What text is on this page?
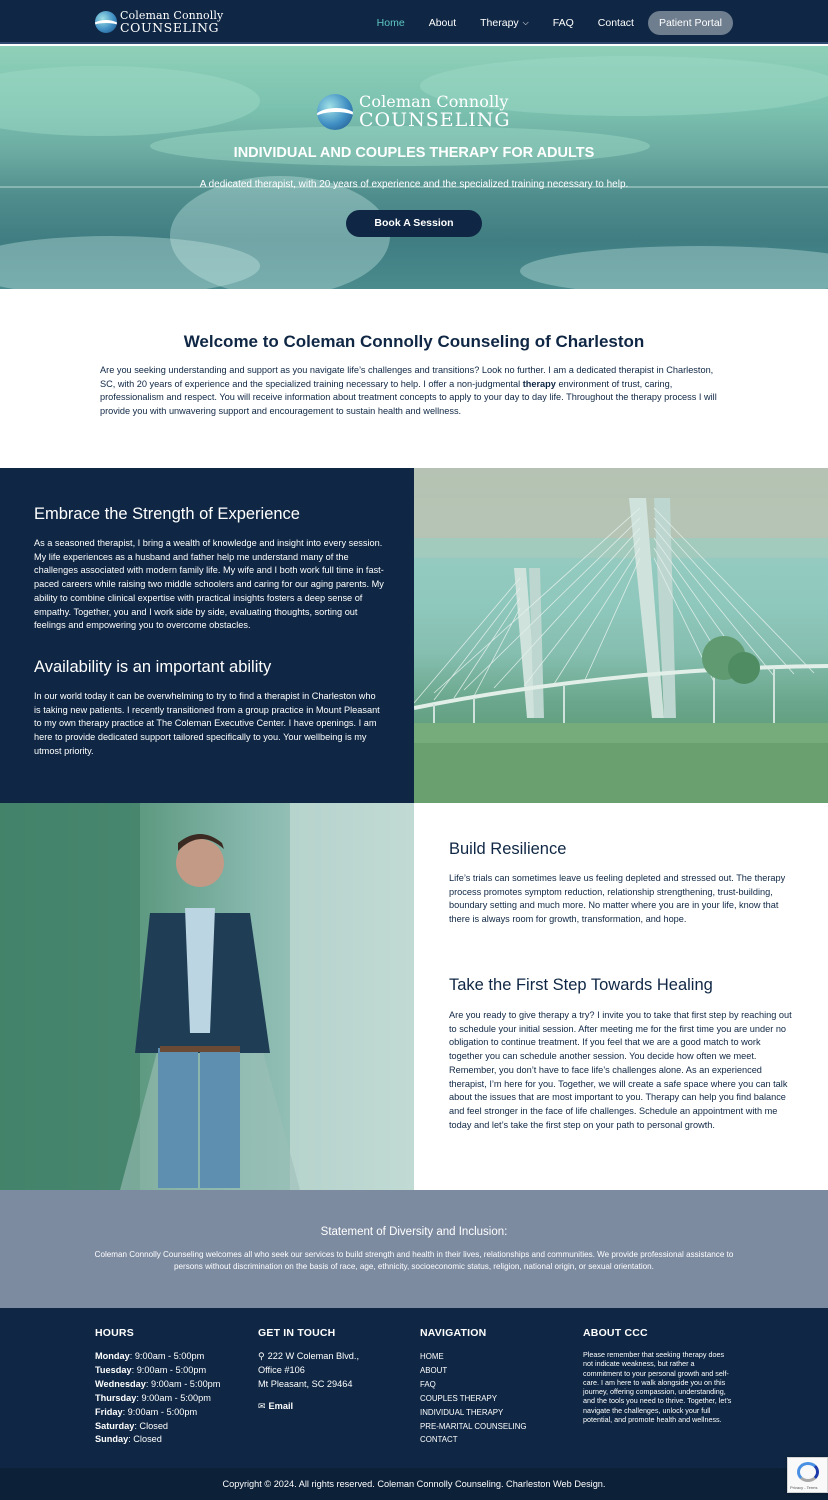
Coleman Connolly
COUNSELING	Home About Therapy ⌵ FAQ Contact	Patient Portal
Coleman Connolly
COUNSELING
INDIVIDUAL AND COUPLES THERAPY FOR ADULTS
A dedicated therapist, with 20 years of experience and the specialized training necessary to help.
Book A Session
Welcome to Coleman Connolly Counseling of Charleston
Are you seeking understanding and support as you navigate life’s challenges and transitions? Look no further. I am a dedicated therapist in Charleston, SC, with 20 years of experience and the specialized training necessary to help. I offer a non-judgmental therapy environment of trust, caring, professionalism and respect. You will receive information about treatment concepts to apply to your day to day life. Throughout the therapy process I will provide you with unwavering support and encouragement to sustain health and wellness.
Embrace the Strength of Experience
As a seasoned therapist, I bring a wealth of knowledge and insight into every session. My life experiences as a husband and father help me understand many of the challenges associated with modern family life. My wife and I both work full time in fast-paced careers while raising two middle schoolers and caring for our aging parents. My ability to combine clinical expertise with practical insights fosters a deep sense of empathy. Together, you and I work side by side, evaluating thoughts, sorting out feelings and empowering you to overcome obstacles.
Availability is an important ability
In our world today it can be overwhelming to try to find a therapist in Charleston who is taking new patients. I recently transitioned from a group practice in Mount Pleasant to my own therapy practice at The Coleman Executive Center. I have openings. I am here to provide dedicated support tailored specifically to you. Your wellbeing is my utmost priority.
Build Resilience
Life’s trials can sometimes leave us feeling depleted and stressed out. The therapy process promotes symptom reduction, relationship strengthening, trust-building, boundary setting and much more. No matter where you are in your life, know that there is always room for growth, transformation, and hope.
Take the First Step Towards Healing
Are you ready to give therapy a try? I invite you to take that first step by reaching out to schedule your initial session. After meeting me for the first time you are under no obligation to continue treatment. If you feel that we are a good match to work together you can schedule another session. You decide how often we meet. Remember, you don’t have to face life’s challenges alone. As an experienced therapist, I’m here for you. Together, we will create a safe space where you can talk about the issues that are most important to you. Therapy can help you find balance and feel stronger in the face of life challenges. Schedule an appointment with me today and let’s take the first step on your path to personal growth.
Statement of Diversity and Inclusion:
Coleman Connolly Counseling welcomes all who seek our services to build strength and health in their lives, relationships and communities. We provide professional assistance to persons without discrimination on the basis of race, age, ethnicity, socioeconomic status, religion, national origin, or sexual orientation.
HOURS
Monday: 9:00am - 5:00pm
Tuesday: 9:00am - 5:00pm
Wednesday: 9:00am - 5:00pm
Thursday: 9:00am - 5:00pm
Friday: 9:00am - 5:00pm
Saturday: Closed
Sunday: Closed
GET IN TOUCH
⚲ 222 W Coleman Blvd.,
Office #106
Mt Pleasant, SC 29464
✉ Email
NAVIGATION
HOME
ABOUT
FAQ
COUPLES THERAPY
INDIVIDUAL THERAPY
PRE-MARITAL COUNSELING
CONTACT
ABOUT CCC
Please remember that seeking therapy does not indicate weakness, but rather a commitment to your personal growth and self-care. I am here to walk alongside you on this journey, offering compassion, understanding, and the tools you need to thrive. Together, let’s navigate the challenges, unlock your full potential, and promote health and wellness.
Copyright © 2024. All rights reserved. Coleman Connolly Counseling. Charleston Web Design.	Privacy - Terms
